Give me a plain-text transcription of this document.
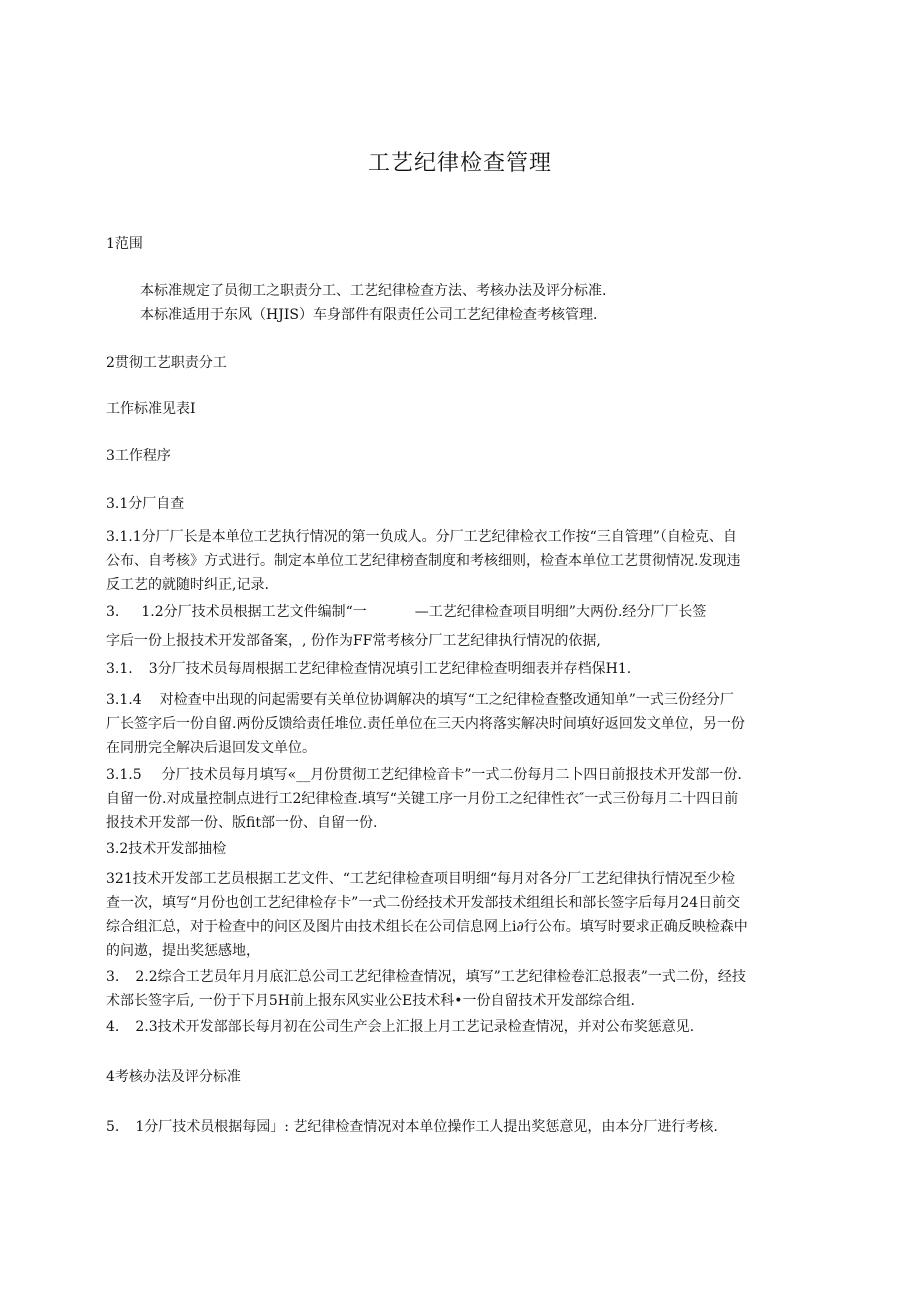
工艺纪律检查管理
1范围
本标准规定了员彻工之职责分工、工艺纪律检查方法、考核办法及评分标准.
本标准适用于东风（HJIS）车身部件有限责任公司工艺纪律检查考核管理.
2贯彻工艺职责分工
工作标准见表I
3工作程序
3.1分厂自查
3.1.1分厂厂长是本单位工艺执行情况的第一负成人。分厂工艺纪律检衣工作按“三自管理”（自检克、自
公布、自考核》方式进行。制定本单位工艺纪律榜查制度和考核细则，检查本单位工艺贯彻情况.发现违
反工艺的就随时纠正,记录.
3. 1.2分厂技术员根据工艺文件编制“一	—工艺纪律检查项目明细”大两份.经分厂厂长签
字后一份上报技术开发部备案，, 份作为FF常考核分厂工艺纪律执行情况的依据,
3.1. 3分厂技术员每周根据工艺纪律检查情况填引工艺纪律检查明细表并存档保H1.
3.1.4 对检查中出现的问起需要有关单位协调解决的填写“工之纪律检查整改通知单”一式三份经分厂
厂长签字后一份自留.两份反馈给责任堆位.责任单位在三天内将落实解决时间填好返回发文单位，另一份
在同册完全解决后退回发文单位。
3.1.5 分厂技术员每月填写«__月份贯彻工艺纪律检音卡”一式二份每月二卜四日前报技术开发部一份.
自留一份.对成量控制点进行工2纪律检查.填写“关键工序一月份工之纪律性衣″一式三份每月二十四日前
报技术开发部一份、版fit部一份、自留一份.
3.2技术开发部抽检
321技术开发部工艺员根据工艺文件、“工艺纪律检查项目明细“每月对各分厂工艺纪律执行情况至少检
查一次，填写“月份也创工艺纪律检存卡”一式二份经技术开发部技术组组长和部长签字后每月24日前交
综合组汇总，对于检查中的问区及图片由技术组长在公司信息网上i∂行公布。填写时要求正确反映检森中
的问遨，提出奖惩感地，
3. 2.2综合工艺员年月月底汇总公司工艺纪律检查情况，填写”工艺纪律检卷汇总报表”一式二份，经技
术部长签字后, 一份于下月5H前上报东风实业公E技术科•一份自留技术开发部综合组.
4. 2.3技术开发部部长每月初在公司生产会上汇报上月工艺记录检查情况，并对公布奖惩意见.
4考核办法及评分标准
5. 1分厂技术员根据每园」: 艺纪律检查情况对本单位操作工人提出奖惩意见，由本分厂进行考核.
